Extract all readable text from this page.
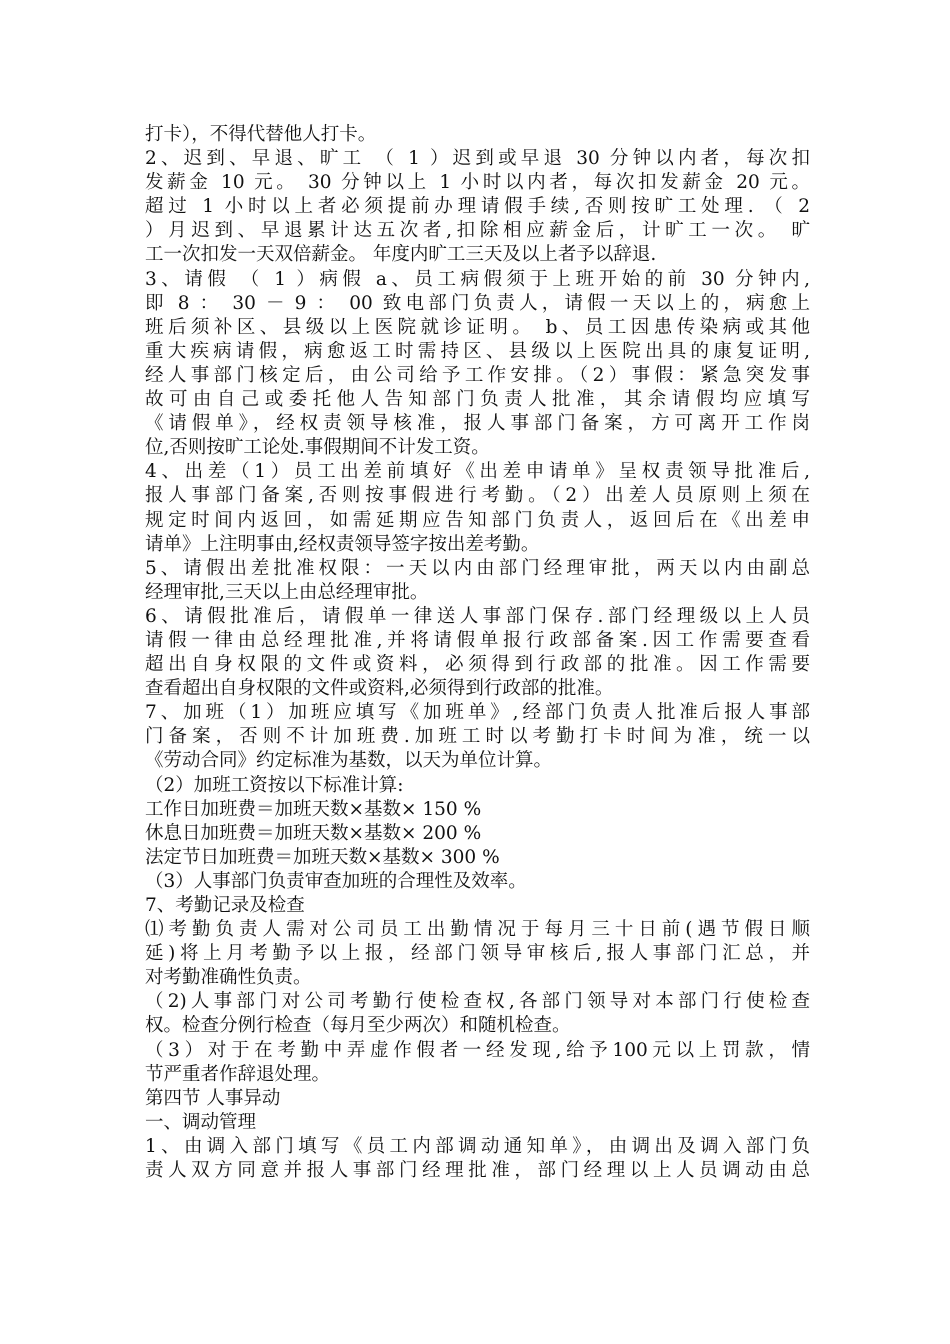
打卡），不得代替他人打卡。
2、迟到、早退、旷工 （ 1 ）迟到或早退 30 分钟以内者，每次扣
发薪金 10 元。 30 分钟以上 1 小时以内者，每次扣发薪金 20 元。
超过 1 小时以上者必须提前办理请假手续,否则按旷工处理. （ 2
）月迟到、早退累计达五次者,扣除相应薪金后，计旷工一次。 旷
工一次扣发一天双倍薪金。 年度内旷工三天及以上者予以辞退.
3、请假 （ 1 ）病假 a、员工病假须于上班开始的前 30 分钟内,
即 8 ： 30 － 9 ： 00 致电部门负责人，请假一天以上的，病愈上
班后须补区、县级以上医院就诊证明。 b、员工因患传染病或其他
重大疾病请假，病愈返工时需持区、县级以上医院出具的康复证明,
经人事部门核定后，由公司给予工作安排。（2）事假：紧急突发事
故可由自己或委托他人告知部门负责人批准，其余请假均应填写
《请假单》，经权责领导核准，报人事部门备案，方可离开工作岗
位,否则按旷工论处.事假期间不计发工资。
4、出差（1）员工出差前填好《出差申请单》呈权责领导批准后,
报人事部门备案,否则按事假进行考勤。（2）出差人员原则上须在
规定时间内返回，如需延期应告知部门负责人，返回后在《出差申
请单》上注明事由,经权责领导签字按出差考勤。
5、请假出差批准权限：一天以内由部门经理审批，两天以内由副总
经理审批,三天以上由总经理审批。
6、请假批准后，请假单一律送人事部门保存.部门经理级以上人员
请假一律由总经理批准,并将请假单报行政部备案.因工作需要查看
超出自身权限的文件或资料，必须得到行政部的批准。因工作需要
查看超出自身权限的文件或资料,必须得到行政部的批准。
7、加班（1）加班应填写《加班单》,经部门负责人批准后报人事部
门备案，否则不计加班费.加班工时以考勤打卡时间为准，统一以
《劳动合同》约定标准为基数，以天为单位计算。
（2）加班工资按以下标准计算:
工作日加班费＝加班天数×基数× 150 %
休息日加班费＝加班天数×基数× 200 %
法定节日加班费＝加班天数×基数× 300 %
（3）人事部门负责审查加班的合理性及效率。
7、考勤记录及检查
⑴考勤负责人需对公司员工出勤情况于每月三十日前(遇节假日顺
延)将上月考勤予以上报，经部门领导审核后,报人事部门汇总，并
对考勤准确性负责。
（2)人事部门对公司考勤行使检查权,各部门领导对本部门行使检查
权。检查分例行检查（每月至少两次）和随机检查。
（3）对于在考勤中弄虚作假者一经发现,给予100元以上罚款，情
节严重者作辞退处理。
第四节 人事异动
一、调动管理
1、由调入部门填写《员工内部调动通知单》，由调出及调入部门负
责人双方同意并报人事部门经理批准，部门经理以上人员调动由总
